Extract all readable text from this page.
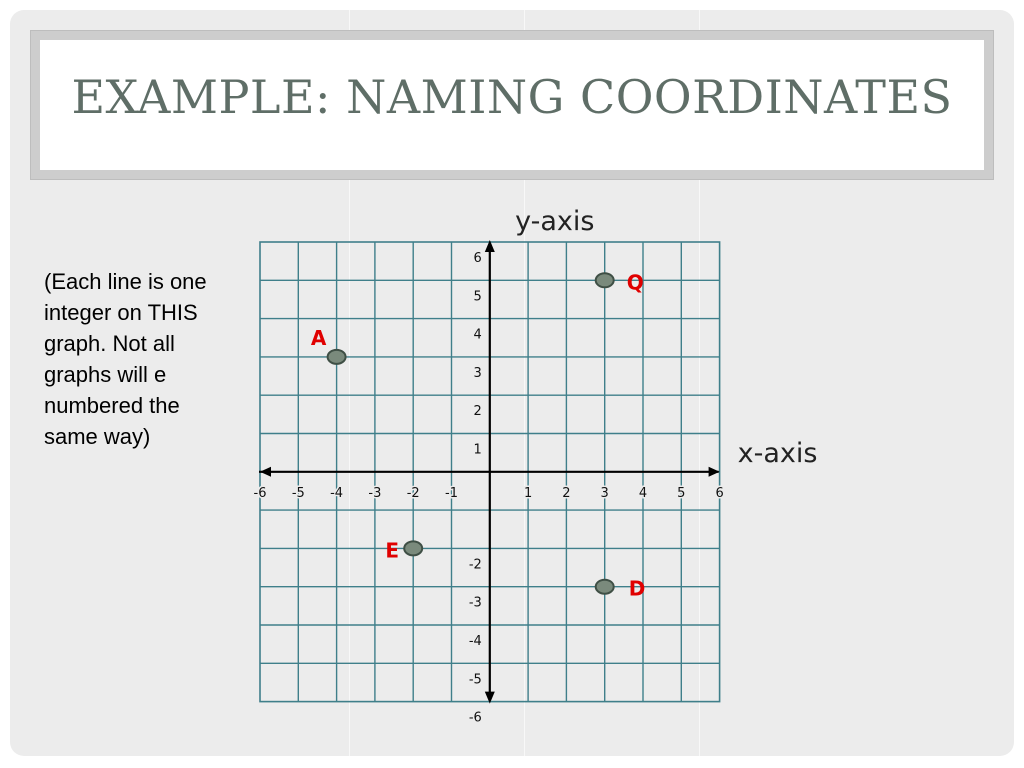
EXAMPLE: NAMING COORDINATES

(Each line is one integer on THIS graph. Not all graphs will e numbered the same way)

y-axis
x-axis
-6 -5 -4 -3 -2 -1	1 2 3 4 5 6
6
5
4
3
2
1
-2
-3
-4
-5
-6
Q
A
E
D
